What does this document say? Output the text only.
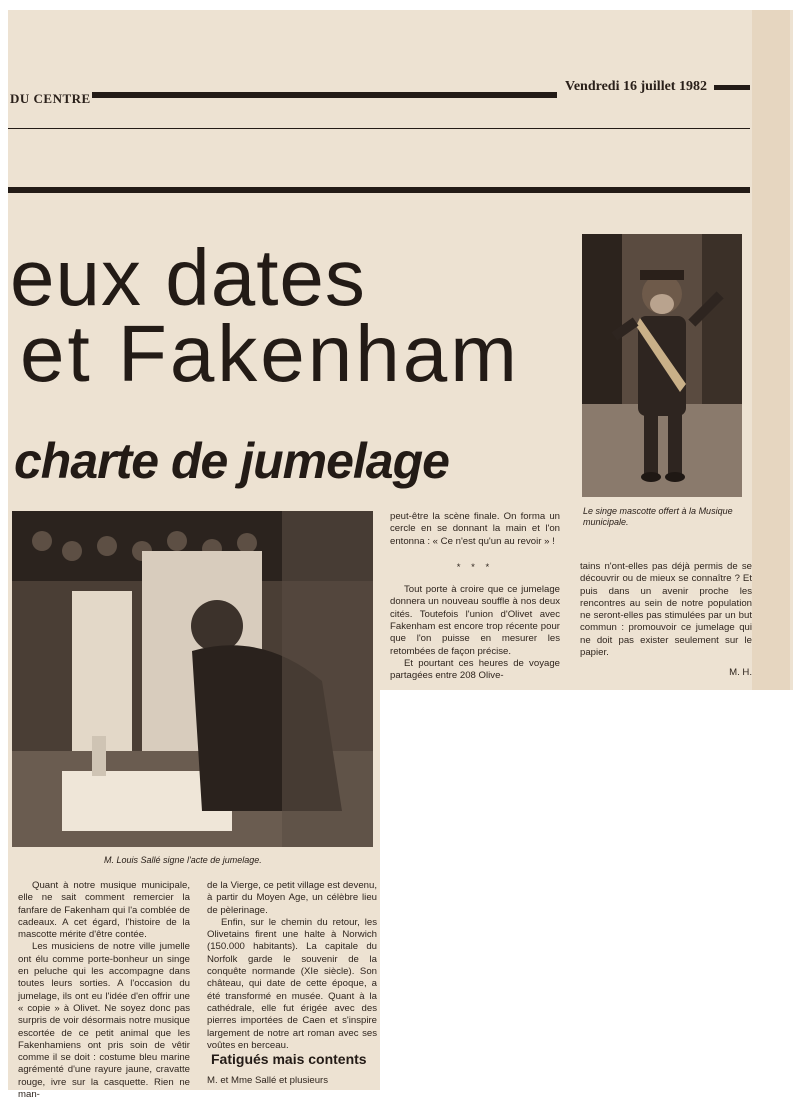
DU CENTRE
Vendredi 16 juillet 1982
eux dates
et Fakenham
charte de jumelage
Le singe mascotte offert à la Musique municipale.
M. Louis Sallé signe l'acte de jumelage.

peut-être la scène finale. On forma un cercle en se donnant la main et l'on entonna : « Ce n'est qu'un au revoir » !

* * *

Tout porte à croire que ce jumelage donnera un nouveau souffle à nos deux cités. Toutefois l'union d'Olivet avec Fakenham est encore trop récente pour que l'on puisse en mesurer les retombées de façon précise.

Et pourtant ces heures de voyage partagées entre 208 Olive-

tains n'ont-elles pas déjà permis de se découvrir ou de mieux se connaître ? Et puis dans un avenir proche les rencontres au sein de notre population ne seront-elles pas stimulées par un but commun : promouvoir ce jumelage qui ne doit pas exister seulement sur le papier.

M. H.

Quant à notre musique municipale, elle ne sait comment remercier la fanfare de Fakenham qui l'a comblée de cadeaux. A cet égard, l'histoire de la mascotte mérite d'être contée.

Les musiciens de notre ville jumelle ont élu comme porte-bonheur un singe en peluche qui les accompagne dans toutes leurs sorties. A l'occasion du jumelage, ils ont eu l'idée d'en offrir une « copie » à Olivet. Ne soyez donc pas surpris de voir désormais notre musique escortée de ce petit animal que les Fakenhamiens ont pris soin de vêtir comme il se doit : costume bleu marine agrémenté d'une rayure jaune, cravatte rouge, ivre sur la casquette. Rien ne man-

de la Vierge, ce petit village est devenu, à partir du Moyen Age, un célèbre lieu de pèlerinage.

Enfin, sur le chemin du retour, les Olivetains firent une halte à Norwich (150.000 habitants). La capitale du Norfolk garde le souvenir de la conquête normande (XIe siècle). Son château, qui date de cette époque, a été transformé en musée. Quant à la cathédrale, elle fut érigée avec des pierres importées de Caen et s'inspire largement de notre art roman avec ses voûtes en berceau.

Fatigués mais contents
M. et Mme Sallé et plusieurs
